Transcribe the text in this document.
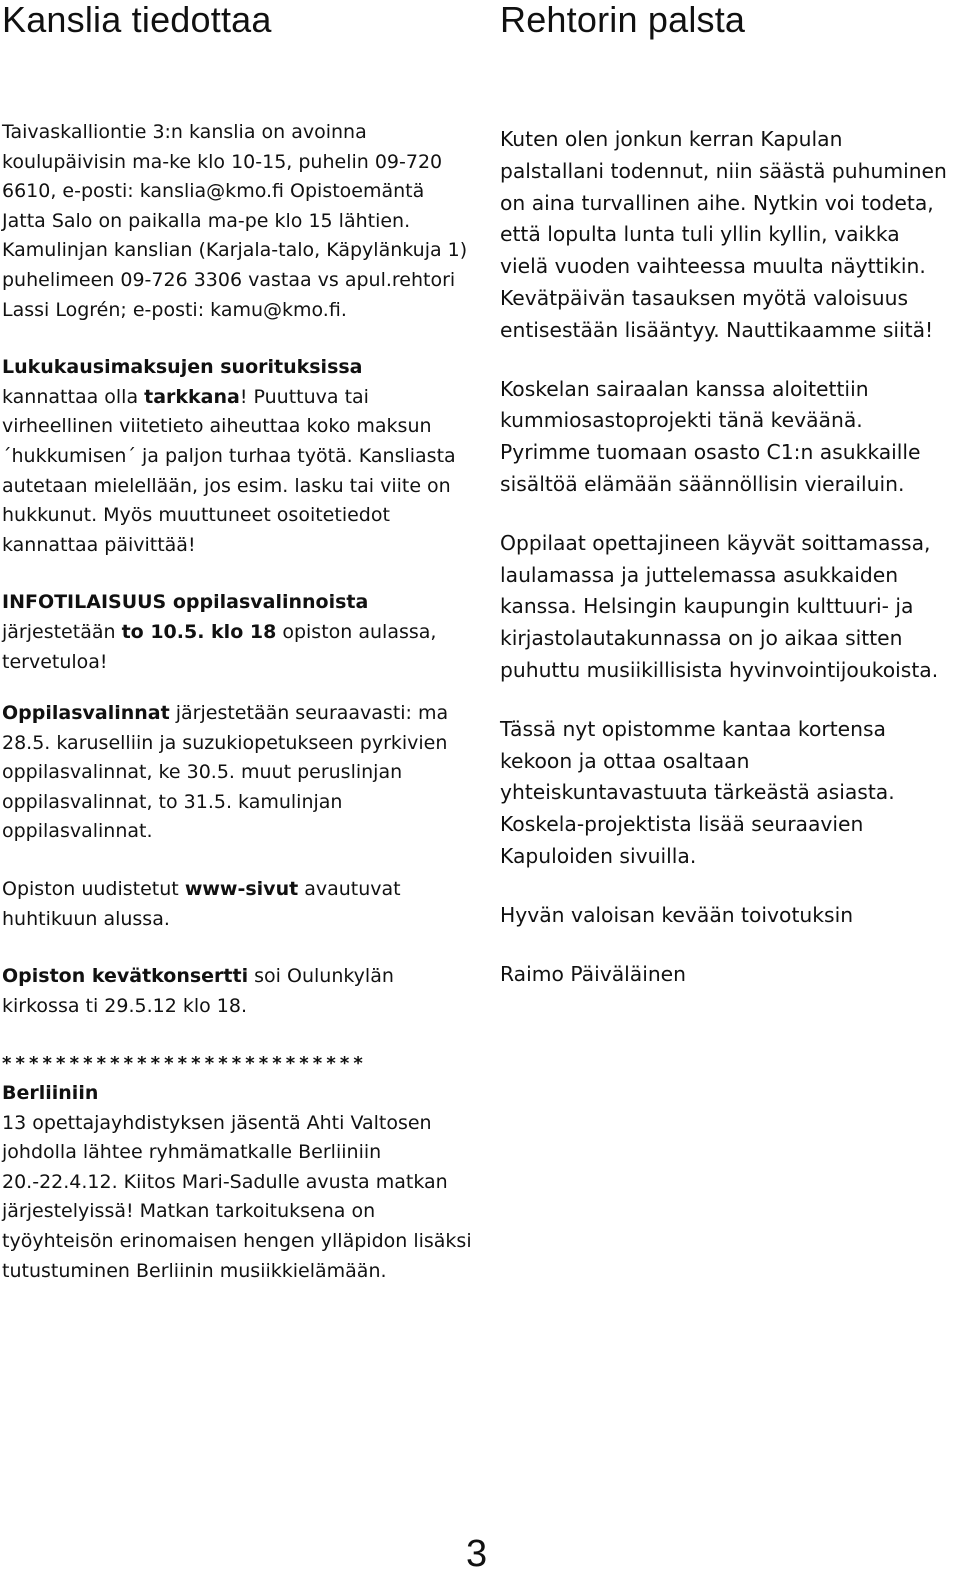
Kanslia tiedottaa	Rehtorin palsta

Taivaskalliontie 3:n kanslia on avoinna koulupäivisin ma-ke klo 10-15, puhelin 09-720 6610, e-posti: kanslia@kmo.fi Opistoemäntä Jatta Salo on paikalla ma-pe klo 15 lähtien. Kamulinjan kanslian (Karjala-talo, Käpylänkuja 1) puhelimeen 09-726 3306 vastaa vs apul.rehtori Lassi Logrén; e-posti: kamu@kmo.fi.

Lukukausimaksujen suorituksissa
kannattaa olla tarkkana! Puuttuva tai virheellinen viitetieto aiheuttaa koko maksun ´hukkumisen´ ja paljon turhaa työtä. Kansliasta autetaan mielellään, jos esim. lasku tai viite on hukkunut. Myös muuttuneet osoitetiedot kannattaa päivittää!

INFOTILAISUUS oppilasvalinnoista
järjestetään to 10.5. klo 18 opiston aulassa, tervetuloa!

Oppilasvalinnat järjestetään seuraavasti: ma 28.5. karuselliin ja suzukiopetukseen pyrkivien oppilasvalinnat, ke 30.5. muut peruslinjan oppilasvalinnat, to 31.5. kamulinjan oppilasvalinnat.

Opiston uudistetut www-sivut avautuvat huhtikuun alussa.

Opiston kevätkonsertti soi Oulunkylän kirkossa ti 29.5.12 klo 18.

***************************
Berliiniin
13 opettajayhdistyksen jäsentä Ahti Valtosen johdolla lähtee ryhmämatkalle Berliiniin 20.-22.4.12. Kiitos Mari-Sadulle avusta matkan järjestelyissä! Matkan tarkoituksena on työyhteisön erinomaisen hengen ylläpidon lisäksi tutustuminen Berliinin musiikkielämään.

Kuten olen jonkun kerran Kapulan palstallani todennut, niin säästä puhuminen on aina turvallinen aihe. Nytkin voi todeta, että lopulta lunta tuli yllin kyllin, vaikka vielä vuoden vaihteessa muulta näyttikin. Kevätpäivän tasauksen myötä valoisuus entisestään lisääntyy. Nauttikaamme siitä!

Koskelan sairaalan kanssa aloitettiin kummiosastoprojekti tänä keväänä. Pyrimme tuomaan osasto C1:n asukkaille sisältöä elämään säännöllisin vierailuin.

Oppilaat opettajineen käyvät soittamassa, laulamassa ja juttelemassa asukkaiden kanssa. Helsingin kaupungin kulttuuri- ja kirjastolautakunnassa on jo aikaa sitten puhuttu musiikillisista hyvinvointijoukoista.

Tässä nyt opistomme kantaa kortensa kekoon ja ottaa osaltaan yhteiskuntavastuuta tärkeästä asiasta. Koskela-projektista lisää seuraavien Kapuloiden sivuilla.

Hyvän valoisan kevään toivotuksin

Raimo Päiväläinen

3
